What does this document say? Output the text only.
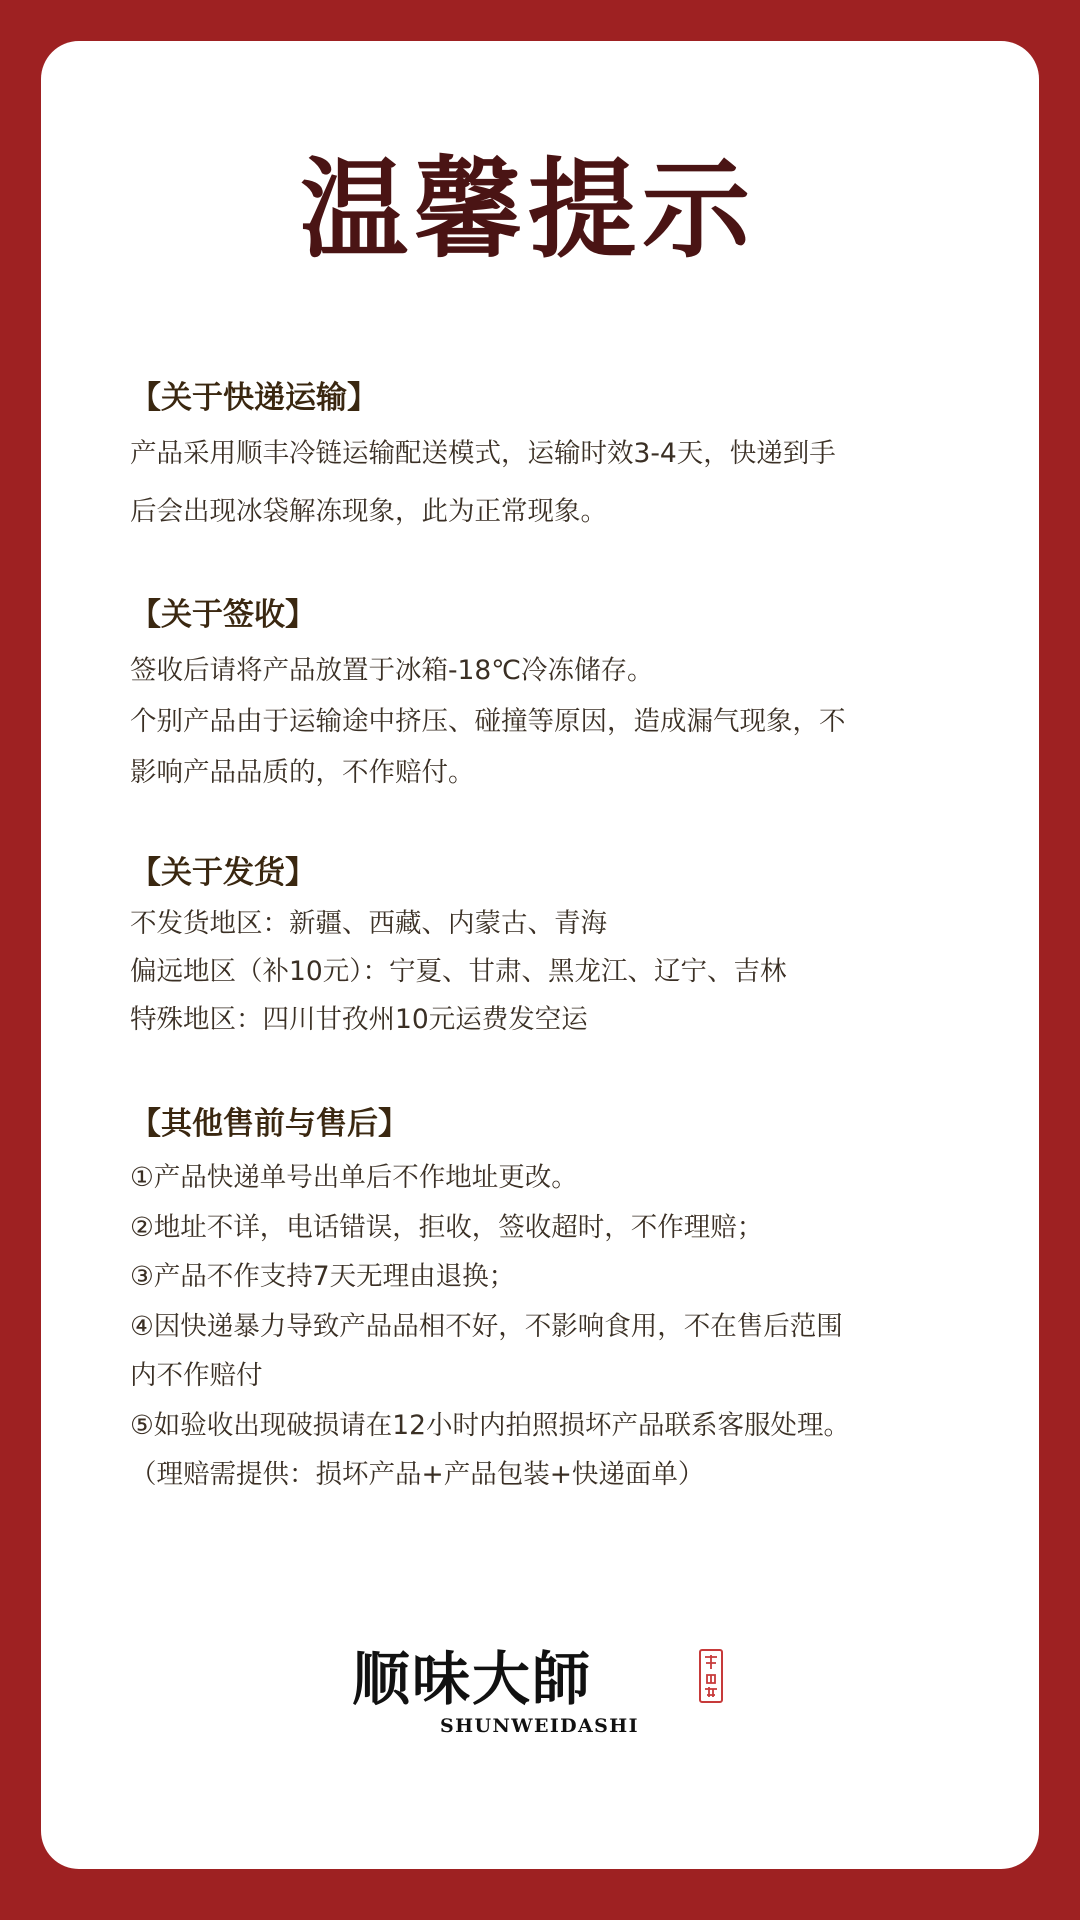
温馨提示
【关于快递运输】
产品采用顺丰冷链运输配送模式，运输时效3-4天，快递到手
后会出现冰袋解冻现象，此为正常现象。
【关于签收】
签收后请将产品放置于冰箱-18℃冷冻储存。
个别产品由于运输途中挤压、碰撞等原因，造成漏气现象，不
影响产品品质的，不作赔付。
【关于发货】
不发货地区：新疆、西藏、内蒙古、青海
偏远地区（补10元）：宁夏、甘肃、黑龙江、辽宁、吉林
特殊地区：四川甘孜州10元运费发空运
【其他售前与售后】
①产品快递单号出单后不作地址更改。
②地址不详，电话错误，拒收，签收超时，不作理赔；
③产品不作支持7天无理由退换；
④因快递暴力导致产品品相不好，不影响食用，不在售后范围
内不作赔付
⑤如验收出现破损请在12小时内拍照损坏产品联系客服处理。
（理赔需提供：损坏产品+产品包装+快递面单）
顺味大師
SHUNWEIDASHI
